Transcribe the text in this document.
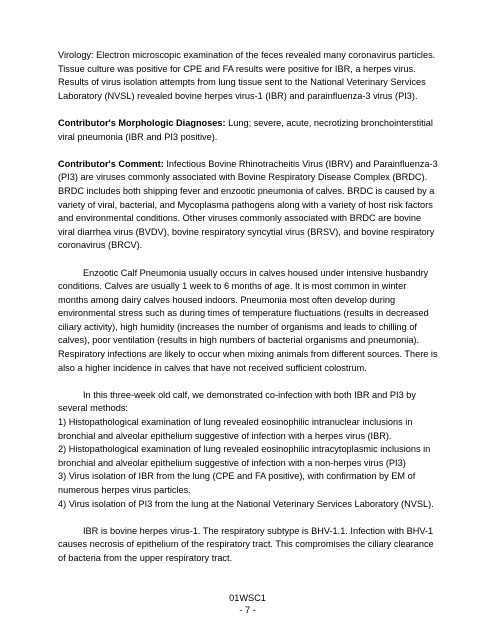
Virology: Electron microscopic examination of the feces revealed many coronavirus particles. Tissue culture was positive for CPE and FA results were positive for IBR, a herpes virus. Results of virus isolation attempts from lung tissue sent to the National Veterinary Services Laboratory (NVSL) revealed bovine herpes virus-1 (IBR) and parainfluenza-3 virus (PI3).

Contributor's Morphologic Diagnoses: Lung; severe, acute, necrotizing bronchointerstitial viral pneumonia (IBR and PI3 positive).

Contributor's Comment: Infectious Bovine Rhinotracheitis Virus (IBRV) and Parainfluenza-3 (PI3) are viruses commonly associated with Bovine Respiratory Disease Complex (BRDC). BRDC includes both shipping fever and enzootic pneumonia of calves. BRDC is caused by a variety of viral, bacterial, and Mycoplasma pathogens along with a variety of host risk factors and environmental conditions. Other viruses commonly associated with BRDC are bovine viral diarrhea virus (BVDV), bovine respiratory syncytial virus (BRSV), and bovine respiratory coronavirus (BRCV).

Enzootic Calf Pneumonia usually occurs in calves housed under intensive husbandry conditions. Calves are usually 1 week to 6 months of age. It is most common in winter months among dairy calves housed indoors. Pneumonia most often develop during environmental stress such as during times of temperature fluctuations (results in decreased ciliary activity), high humidity (increases the number of organisms and leads to chilling of calves), poor ventilation (results in high numbers of bacterial organisms and pneumonia). Respiratory infections are likely to occur when mixing animals from different sources. There is also a higher incidence in calves that have not received sufficient colostrum.

In this three-week old calf, we demonstrated co-infection with both IBR and PI3 by several methods:

1) Histopathological examination of lung revealed eosinophilic intranuclear inclusions in bronchial and alveolar epithelium suggestive of infection with a herpes virus (IBR).
2) Histopathological examination of lung revealed eosinophilic intracytoplasmic inclusions in bronchial and alveolar epithelium suggestive of infection with a non-herpes virus (PI3)
3) Virus isolation of IBR from the lung (CPE and FA positive), with confirmation by EM of numerous herpes virus particles.
4) Virus isolation of PI3 from the lung at the National Veterinary Services Laboratory (NVSL).

IBR is bovine herpes virus-1. The respiratory subtype is BHV-1.1. Infection with BHV-1 causes necrosis of epithelium of the respiratory tract. This compromises the ciliary clearance of bacteria from the upper respiratory tract.

01WSC1
- 7 -
